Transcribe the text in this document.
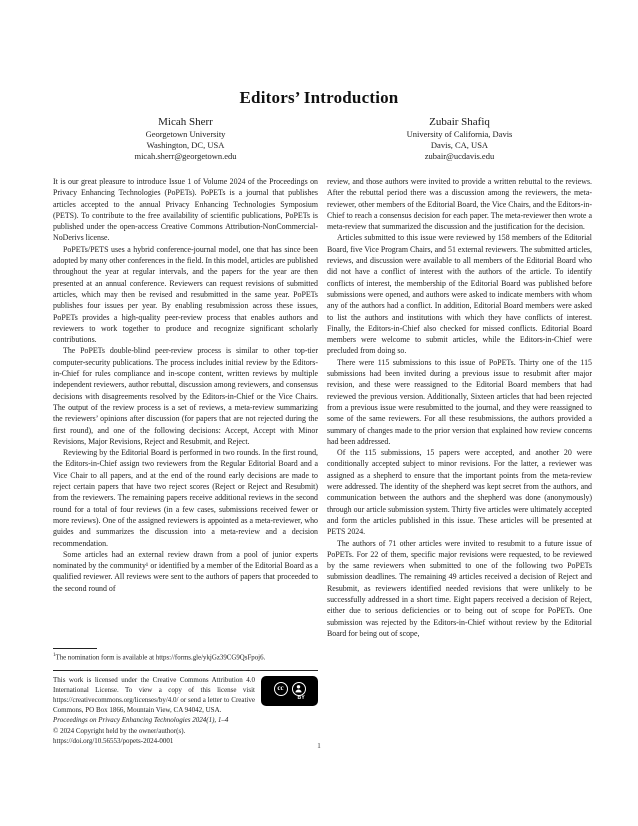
Editors’ Introduction
Micah Sherr
Georgetown University
Washington, DC, USA
micah.sherr@georgetown.edu
Zubair Shafiq
University of California, Davis
Davis, CA, USA
zubair@ucdavis.edu

It is our great pleasure to introduce Issue 1 of Volume 2024 of the Proceedings on Privacy Enhancing Technologies (PoPETs). PoPETs is a journal that publishes articles accepted to the annual Privacy Enhancing Technologies Symposium (PETS). To contribute to the free availability of scientific publications, PoPETs is published under the open-access Creative Commons Attribution-NonCommercial-NoDerivs license.

PoPETs/PETS uses a hybrid conference-journal model, one that has since been adopted by many other conferences in the field. In this model, articles are published throughout the year at regular intervals, and the papers for the year are then presented at an annual conference. Reviewers can request revisions of submitted articles, which may then be revised and resubmitted in the same year. PoPETs publishes four issues per year. By enabling resubmission across these issues, PoPETs provides a high-quality peer-review process that enables authors and reviewers to work together to produce and recognize significant scholarly contributions.

The PoPETs double-blind peer-review process is similar to other top-tier computer-security publications. The process includes initial review by the Editors-in-Chief for rules compliance and in-scope content, written reviews by multiple independent reviewers, author rebuttal, discussion among reviewers, and consensus decisions with disagreements resolved by the Editors-in-Chief or the Vice Chairs. The output of the review process is a set of reviews, a meta-review summarizing the reviewers’ opinions after discussion (for papers that are not rejected during the first round), and one of the following decisions: Accept, Accept with Minor Revisions, Major Revisions, Reject and Resubmit, and Reject.

Reviewing by the Editorial Board is performed in two rounds. In the first round, the Editors-in-Chief assign two reviewers from the Regular Editorial Board and a Vice Chair to all papers, and at the end of the round early decisions are made to reject certain papers that have two reject scores (Reject or Reject and Resubmit) from the reviewers. The remaining papers receive additional reviews in the second round for a total of four reviews (in a few cases, submissions received fewer or more reviews). One of the assigned reviewers is appointed as a meta-reviewer, who guides and summarizes the discussion into a meta-review and a decision recommendation.

Some articles had an external review drawn from a pool of junior experts nominated by the community¹ or identified by a member of the Editorial Board as a qualified reviewer. All reviews were sent to the authors of papers that proceeded to the second round of

review, and those authors were invited to provide a written rebuttal to the reviews. After the rebuttal period there was a discussion among the reviewers, the meta-reviewer, other members of the Editorial Board, the Vice Chairs, and the Editors-in-Chief to reach a consensus decision for each paper. The meta-reviewer then wrote a meta-review that summarized the discussion and the justification for the decision.

Articles submitted to this issue were reviewed by 158 members of the Editorial Board, five Vice Program Chairs, and 51 external reviewers. The submitted articles, reviews, and discussion were available to all members of the Editorial Board who did not have a conflict of interest with the authors of the article. To identify conflicts of interest, the membership of the Editorial Board was published before submissions were opened, and authors were asked to indicate members with whom any of the authors had a conflict. In addition, Editorial Board members were asked to list the authors and institutions with which they have conflicts of interest. Finally, the Editors-in-Chief also checked for missed conflicts. Editorial Board members were welcome to submit articles, while the Editors-in-Chief were precluded from doing so.

There were 115 submissions to this issue of PoPETs. Thirty one of the 115 submissions had been invited during a previous issue to resubmit after major revision, and these were reassigned to the Editorial Board members that had reviewed the previous version. Additionally, Sixteen articles that had been rejected from a previous issue were resubmitted to the journal, and they were reassigned to some of the same reviewers. For all these resubmissions, the authors provided a summary of changes made to the prior version that explained how review concerns had been addressed.

Of the 115 submissions, 15 papers were accepted, and another 20 were conditionally accepted subject to minor revisions. For the latter, a reviewer was assigned as a shepherd to ensure that the important points from the meta-review were addressed. The identity of the shepherd was kept secret from the authors, and communication between the authors and the shepherd was done (anonymously) through our article submission system. Thirty five articles were ultimately accepted and form the articles published in this issue. These articles will be presented at PETS 2024.

The authors of 71 other articles were invited to resubmit to a future issue of PoPETs. For 22 of them, specific major revisions were requested, to be reviewed by the same reviewers when submitted to one of the following two PoPETs submission deadlines. The remaining 49 articles received a decision of Reject and Resubmit, as reviewers identified needed revisions that were unlikely to be successfully addressed in a short time. Eight papers received a decision of Reject, either due to serious deficiencies or to being out of scope for PoPETs. One submission was rejected by the Editors-in-Chief without review by the Editorial Board for being out of scope,

$^1$The nomination form is available at https://forms.gle/ykjGz39CG9QsFpoj6.

cc
BY

This work is licensed under the Creative Commons Attribution 4.0 International License. To view a copy of this license visit https://creativecommons.org/licenses/by/4.0/ or send a letter to Creative Commons, PO Box 1866, Mountain View, CA 94042, USA.

Proceedings on Privacy Enhancing Technologies 2024(1), 1–4

© 2024 Copyright held by the owner/author(s).

https://doi.org/10.56553/popets-2024-0001

1
